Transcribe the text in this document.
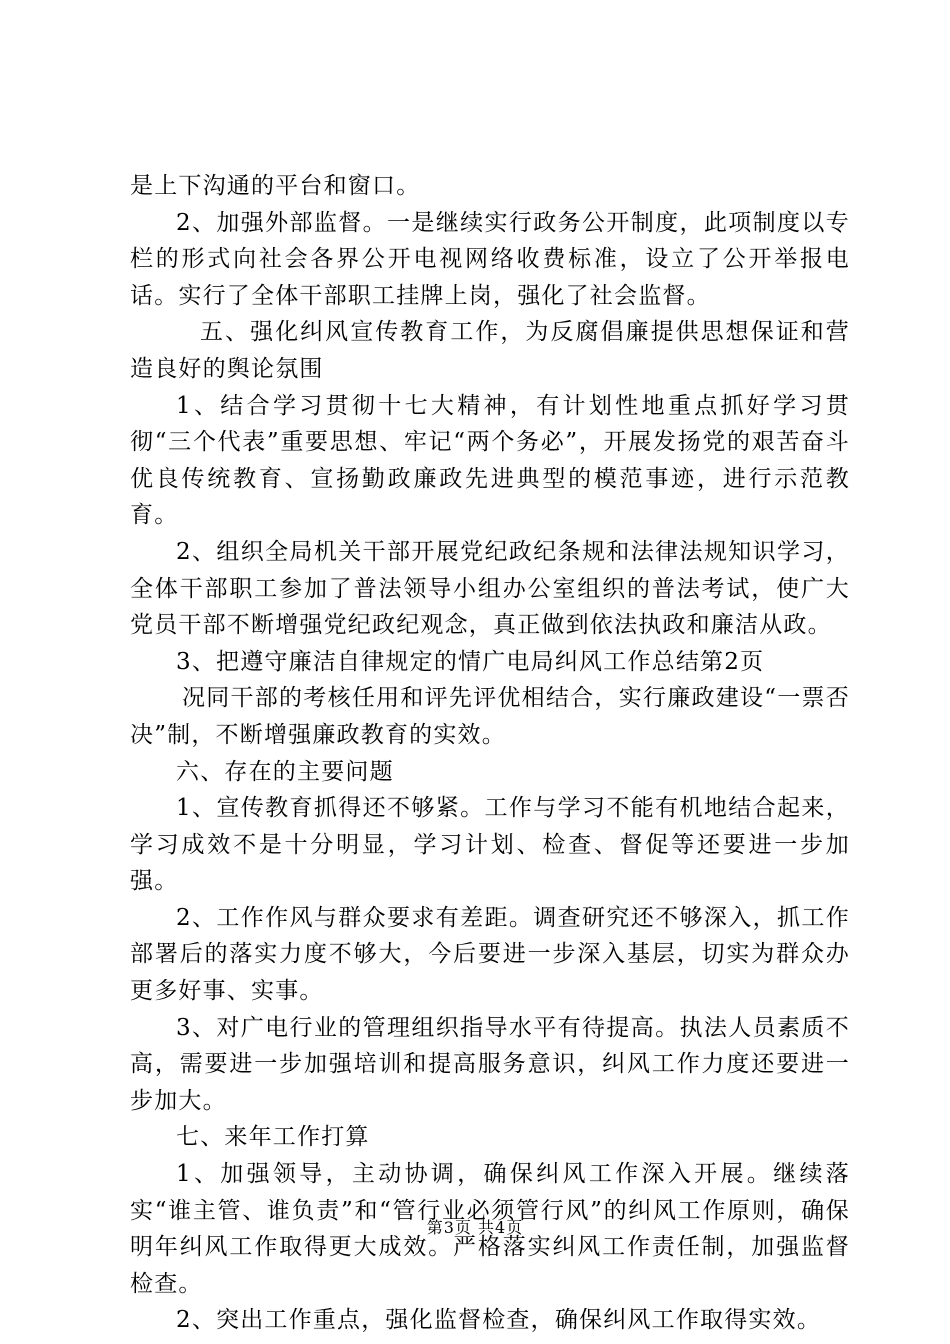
是上下沟通的平台和窗口。

2、加强外部监督。一是继续实行政务公开制度，此项制度以专栏的形式向社会各界公开电视网络收费标准，设立了公开举报电话。实行了全体干部职工挂牌上岗，强化了社会监督。

五、强化纠风宣传教育工作，为反腐倡廉提供思想保证和营造良好的舆论氛围

1、结合学习贯彻十七大精神，有计划性地重点抓好学习贯彻“三个代表”重要思想、牢记“两个务必”，开展发扬党的艰苦奋斗优良传统教育、宣扬勤政廉政先进典型的模范事迹，进行示范教育。

2、组织全局机关干部开展党纪政纪条规和法律法规知识学习，全体干部职工参加了普法领导小组办公室组织的普法考试，使广大党员干部不断增强党纪政纪观念，真正做到依法执政和廉洁从政。

3、把遵守廉洁自律规定的情广电局纠风工作总结第2页

况同干部的考核任用和评先评优相结合，实行廉政建设“一票否决”制，不断增强廉政教育的实效。

六、存在的主要问题

1、宣传教育抓得还不够紧。工作与学习不能有机地结合起来，学习成效不是十分明显，学习计划、检查、督促等还要进一步加强。

2、工作作风与群众要求有差距。调查研究还不够深入，抓工作部署后的落实力度不够大，今后要进一步深入基层，切实为群众办更多好事、实事。

3、对广电行业的管理组织指导水平有待提高。执法人员素质不高，需要进一步加强培训和提高服务意识，纠风工作力度还要进一步加大。

七、来年工作打算

1、加强领导，主动协调，确保纠风工作深入开展。继续落实“谁主管、谁负责”和“管行业必须管行风”的纠风工作原则，确保明年纠风工作取得更大成效。严格落实纠风工作责任制，加强监督检查。

2、突出工作重点，强化监督检查，确保纠风工作取得实效。

第3页 共4页
